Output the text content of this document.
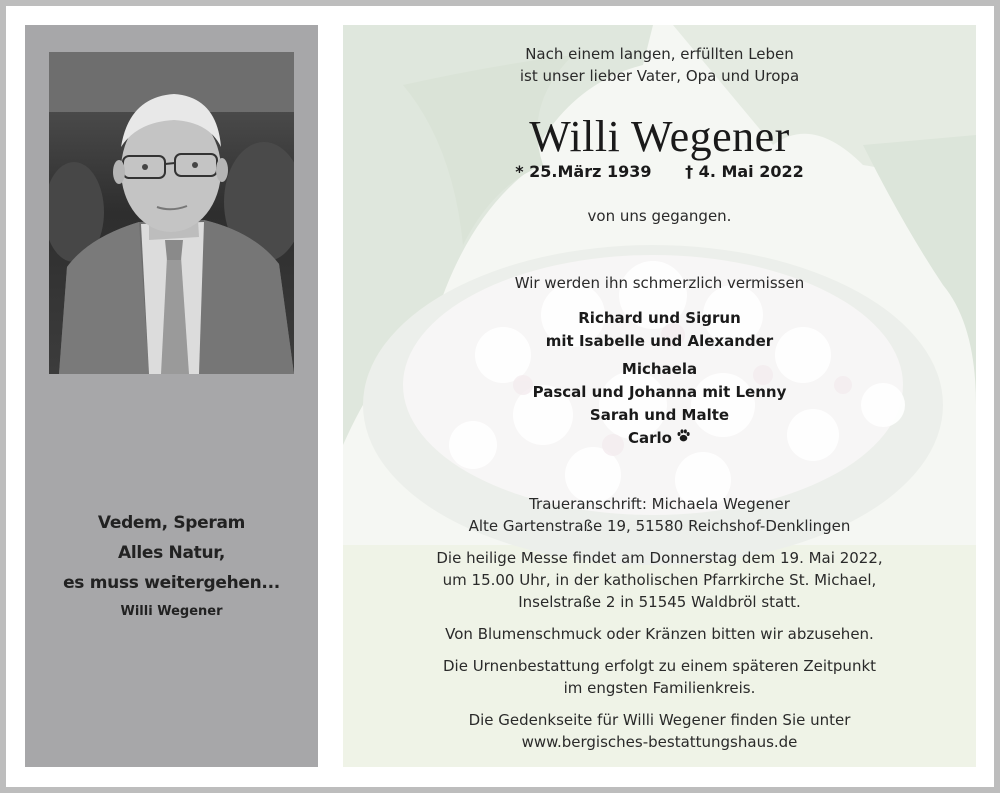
Vedem, Speram
Alles Natur,
es muss weitergehen...
Willi Wegener
Nach einem langen, erfüllten Leben
ist unser lieber Vater, Opa und Uropa
Willi Wegener
* 25.März 1939 † 4. Mai 2022
von uns gegangen.
Wir werden ihn schmerzlich vermissen
Richard und Sigrun
mit Isabelle und Alexander
Michaela
Pascal und Johanna mit Lenny
Sarah und Malte
Carlo

Traueranschrift: Michaela Wegener
Alte Gartenstraße 19, 51580 Reichshof-Denklingen

Die heilige Messe findet am Donnerstag dem 19. Mai 2022,
um 15.00 Uhr, in der katholischen Pfarrkirche St. Michael,
Inselstraße 2 in 51545 Waldbröl statt.

Von Blumenschmuck oder Kränzen bitten wir abzusehen.

Die Urnenbestattung erfolgt zu einem späteren Zeitpunkt
im engsten Familienkreis.

Die Gedenkseite für Willi Wegener finden Sie unter
www.bergisches-bestattungshaus.de
